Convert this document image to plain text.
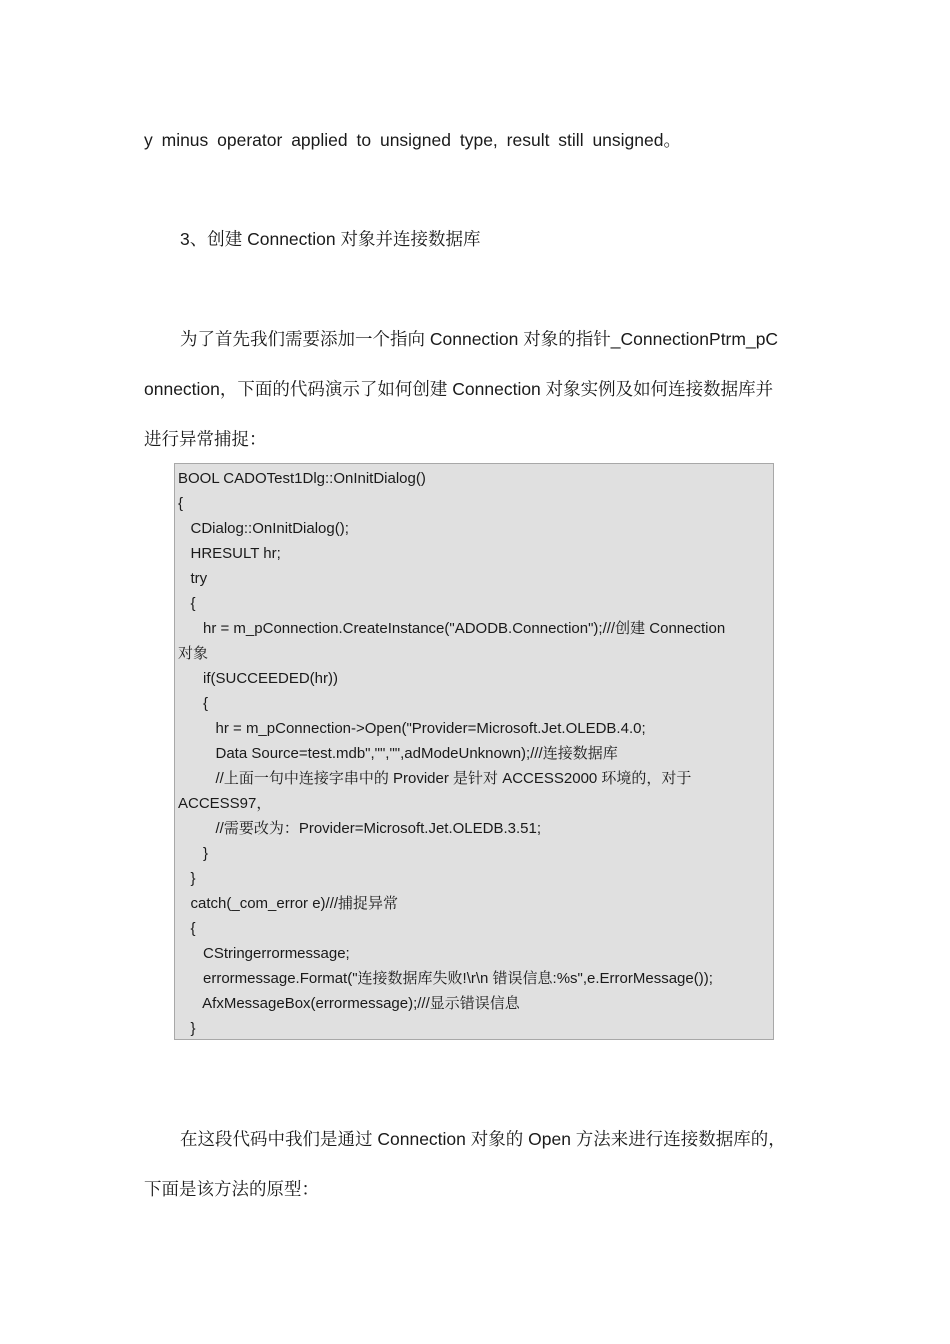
y minus operator applied to unsigned type, result still unsigned。
3、创建 Connection 对象并连接数据库
为了首先我们需要添加一个指向 Connection 对象的指针_ConnectionPtrm_pC
onnection，下面的代码演示了如何创建 Connection 对象实例及如何连接数据库并
进行异常捕捉：
BOOL CADOTest1Dlg::OnInitDialog()
{
CDialog::OnInitDialog();
HRESULT hr;
try
{
hr = m_pConnection.CreateInstance("ADODB.Connection");///创建 Connection
对象
if(SUCCEEDED(hr))
{
hr = m_pConnection->Open("Provider=Microsoft.Jet.OLEDB.4.0;
Data Source=test.mdb","","",adModeUnknown);///连接数据库
//上面一句中连接字串中的 Provider 是针对 ACCESS2000 环境的，对于
ACCESS97，
//需要改为：Provider=Microsoft.Jet.OLEDB.3.51;
}
}
catch(_com_error e)///捕捉异常
{
CStringerrormessage;
errormessage.Format("连接数据库失败!\r\n 错误信息:%s",e.ErrorMessage());
AfxMessageBox(errormessage);///显示错误信息
}
在这段代码中我们是通过 Connection 对象的 Open 方法来进行连接数据库的，
下面是该方法的原型：
